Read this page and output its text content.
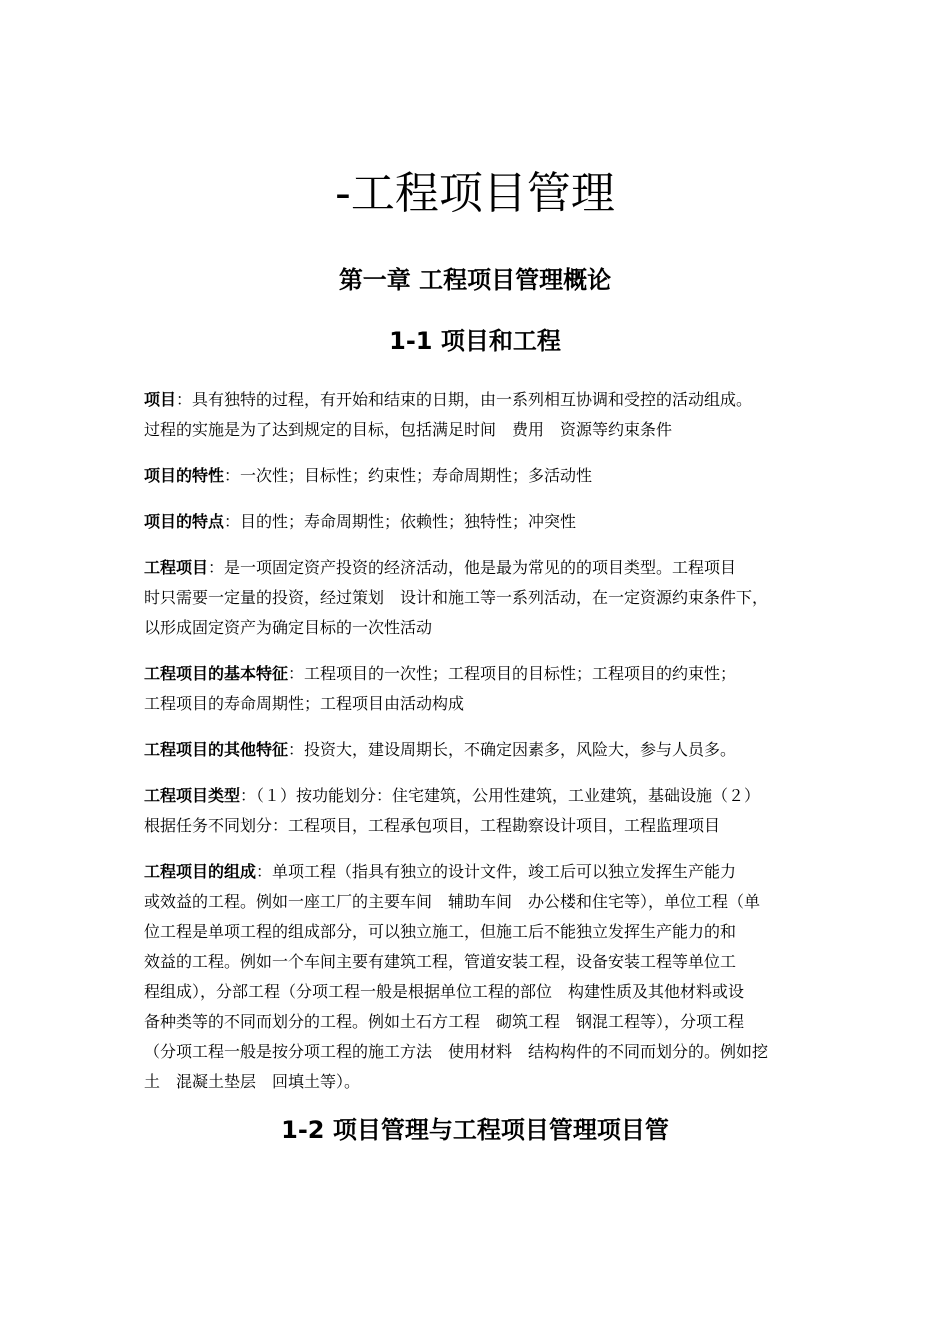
-工程项目管理
第一章 工程项目管理概论
1-1 项目和工程

项目：具有独特的过程，有开始和结束的日期，由一系列相互协调和受控的活动组成。
过程的实施是为了达到规定的目标，包括满足时间　费用　资源等约束条件

项目的特性：一次性；目标性；约束性；寿命周期性；多活动性

项目的特点：目的性；寿命周期性；依赖性；独特性；冲突性

工程项目：是一项固定资产投资的经济活动，他是最为常见的的项目类型。工程项目
时只需要一定量的投资，经过策划　设计和施工等一系列活动，在一定资源约束条件下，
以形成固定资产为确定目标的一次性活动

工程项目的基本特征：工程项目的一次性；工程项目的目标性；工程项目的约束性；
工程项目的寿命周期性；工程项目由活动构成

工程项目的其他特征：投资大，建设周期长，不确定因素多，风险大，参与人员多。

工程项目类型：（１）按功能划分：住宅建筑，公用性建筑，工业建筑，基础设施（２）
根据任务不同划分：工程项目，工程承包项目，工程勘察设计项目，工程监理项目

工程项目的组成：单项工程（指具有独立的设计文件，竣工后可以独立发挥生产能力
或效益的工程。例如一座工厂的主要车间　辅助车间　办公楼和住宅等），单位工程（单
位工程是单项工程的组成部分，可以独立施工，但施工后不能独立发挥生产能力的和
效益的工程。例如一个车间主要有建筑工程，管道安装工程，设备安装工程等单位工
程组成），分部工程（分项工程一般是根据单位工程的部位　构建性质及其他材料或设
备种类等的不同而划分的工程。例如土石方工程　砌筑工程　钢混工程等），分项工程
（分项工程一般是按分项工程的施工方法　使用材料　结构构件的不同而划分的。例如挖
土　混凝土垫层　回填土等）。

1-2 项目管理与工程项目管理项目管
